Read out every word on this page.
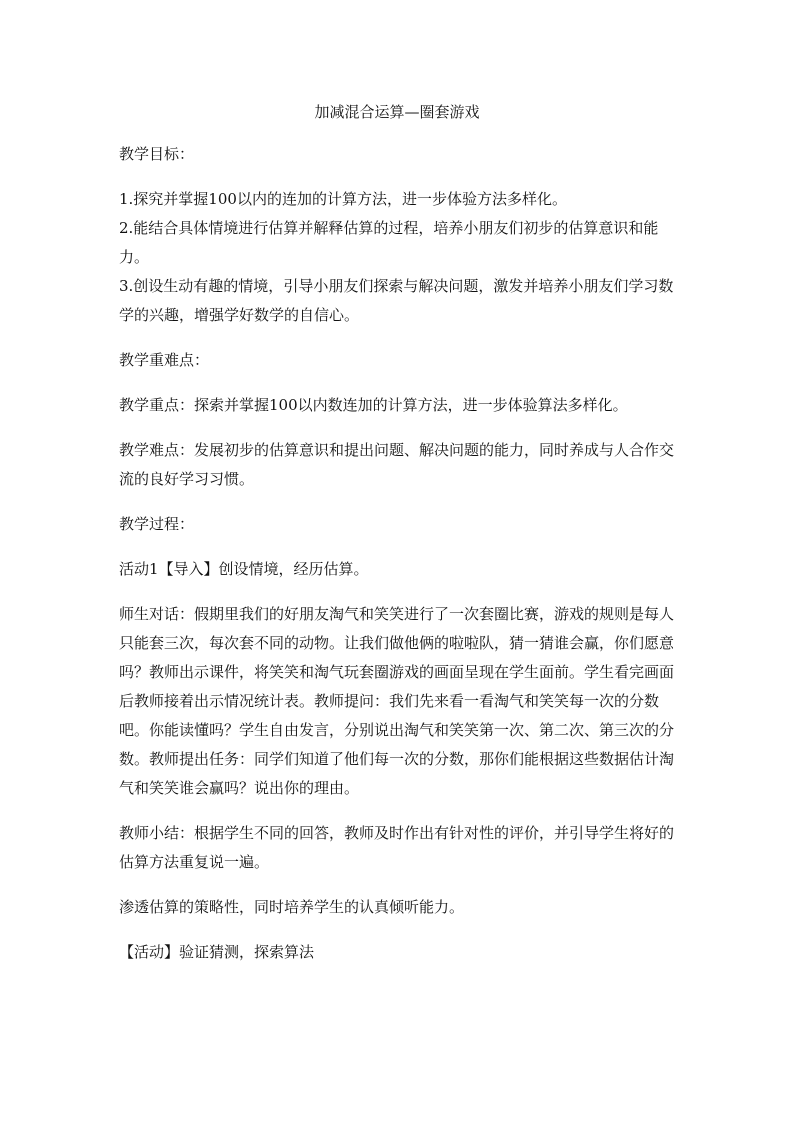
加减混合运算—圈套游戏

教学目标：

1.探究并掌握100以内的连加的计算方法，进一步体验方法多样化。

2.能结合具体情境进行估算并解释估算的过程，培养小朋友们初步的估算意识和能力。

3.创设生动有趣的情境，引导小朋友们探索与解决问题，激发并培养小朋友们学习数学的兴趣，增强学好数学的自信心。

教学重难点：

教学重点：探索并掌握100以内数连加的计算方法，进一步体验算法多样化。

教学难点：发展初步的估算意识和提出问题、解决问题的能力，同时养成与人合作交流的良好学习习惯。

教学过程：

活动1【导入】创设情境，经历估算。

师生对话：假期里我们的好朋友淘气和笑笑进行了一次套圈比赛，游戏的规则是每人只能套三次，每次套不同的动物。让我们做他俩的啦啦队，猜一猜谁会赢，你们愿意吗？教师出示课件，将笑笑和淘气玩套圈游戏的画面呈现在学生面前。学生看完画面后教师接着出示情况统计表。教师提问：我们先来看一看淘气和笑笑每一次的分数吧。你能读懂吗？学生自由发言，分别说出淘气和笑笑第一次、第二次、第三次的分数。教师提出任务：同学们知道了他们每一次的分数，那你们能根据这些数据估计淘气和笑笑谁会赢吗？说出你的理由。

教师小结：根据学生不同的回答，教师及时作出有针对性的评价，并引导学生将好的估算方法重复说一遍。

渗透估算的策略性，同时培养学生的认真倾听能力。

【活动】验证猜测，探索算法
